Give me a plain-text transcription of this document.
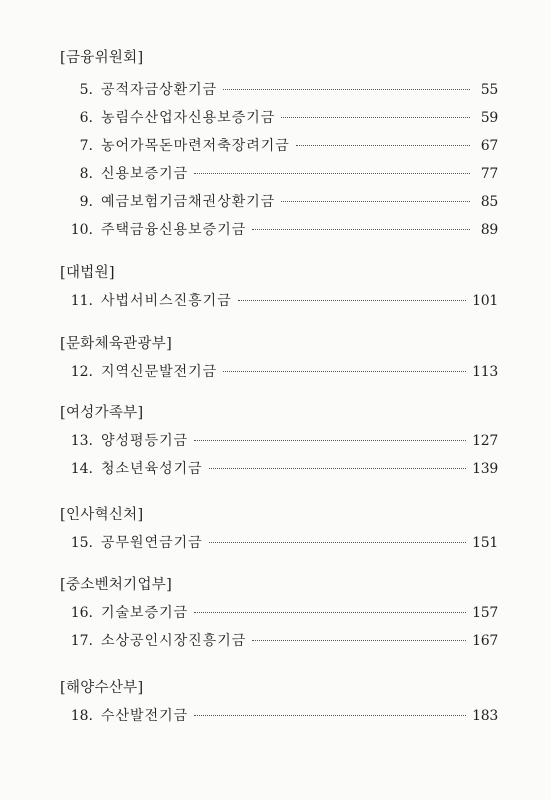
[금융위원회]
5. 공적자금상환기금	55
6. 농림수산업자신용보증기금	59
7. 농어가목돈마련저축장려기금	67
8. 신용보증기금	77
9. 예금보험기금채권상환기금	85
10. 주택금융신용보증기금	89
[대법원]
11. 사법서비스진흥기금	101
[문화체육관광부]
12. 지역신문발전기금	113
[여성가족부]
13. 양성평등기금	127
14. 청소년육성기금	139
[인사혁신처]
15. 공무원연금기금	151
[중소벤처기업부]
16. 기술보증기금	157
17. 소상공인시장진흥기금	167
[해양수산부]
18. 수산발전기금	183
